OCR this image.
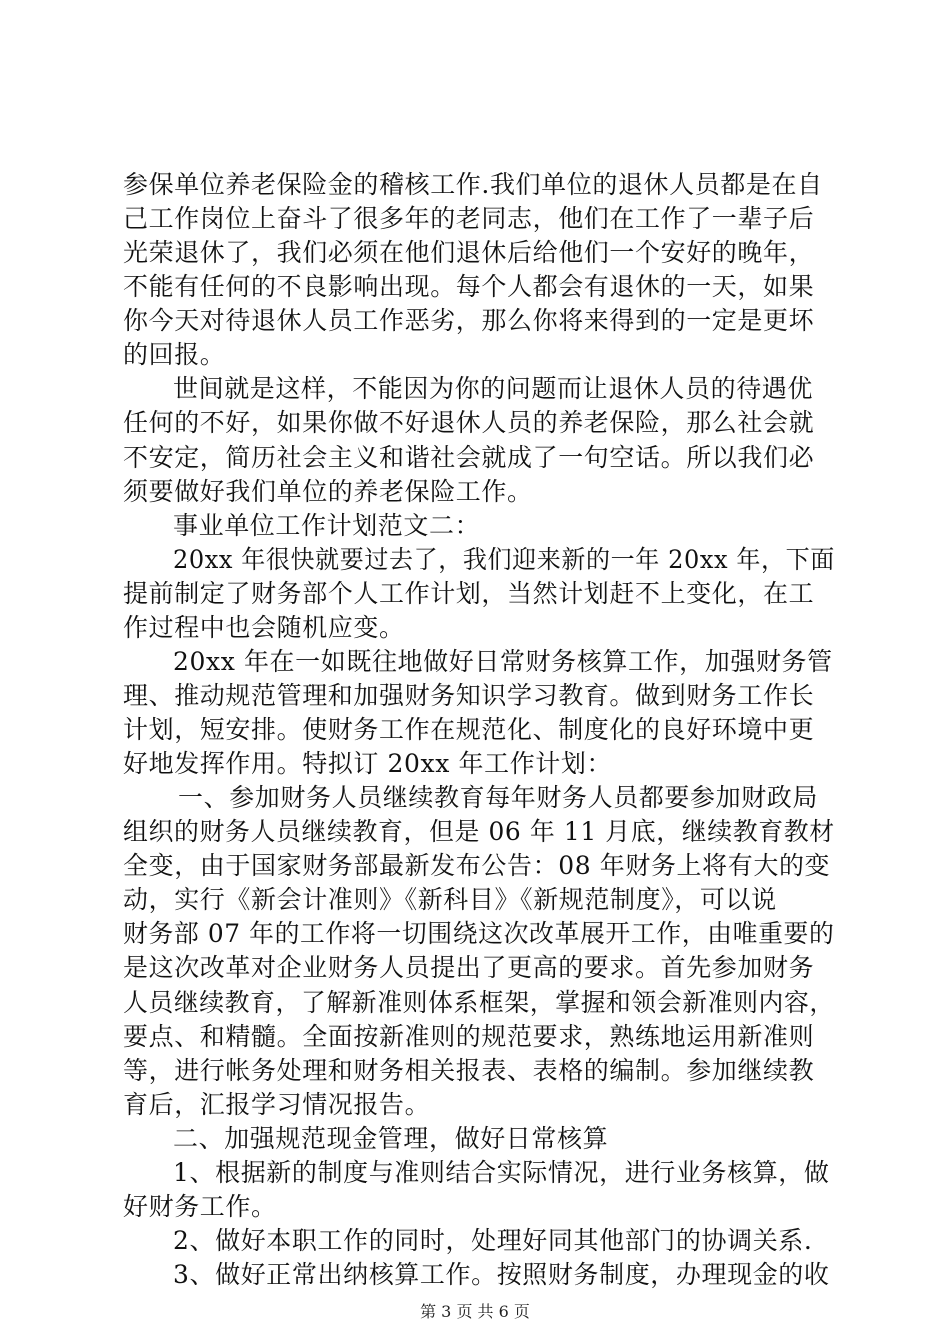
参保单位养老保险金的稽核工作.我们单位的退休人员都是在自
己工作岗位上奋斗了很多年的老同志，他们在工作了一辈子后
光荣退休了，我们必须在他们退休后给他们一个安好的晚年，
不能有任何的不良影响出现。每个人都会有退休的一天，如果
你今天对待退休人员工作恶劣，那么你将来得到的一定是更坏
的回报。
世间就是这样，不能因为你的问题而让退休人员的待遇优
任何的不好，如果你做不好退休人员的养老保险，那么社会就
不安定，简历社会主义和谐社会就成了一句空话。所以我们必
须要做好我们单位的养老保险工作。
事业单位工作计划范文二：
20xx 年很快就要过去了，我们迎来新的一年 20xx 年，下面
提前制定了财务部个人工作计划，当然计划赶不上变化，在工
作过程中也会随机应变。
20xx 年在一如既往地做好日常财务核算工作，加强财务管
理、推动规范管理和加强财务知识学习教育。做到财务工作长
计划，短安排。使财务工作在规范化、制度化的良好环境中更
好地发挥作用。特拟订 20xx 年工作计划：
一、参加财务人员继续教育每年财务人员都要参加财政局
组织的财务人员继续教育，但是 06 年 11 月底，继续教育教材
全变，由于国家财务部最新发布公告：08 年财务上将有大的变
动，实行《新会计准则》《新科目》《新规范制度》，可以说
财务部 07 年的工作将一切围绕这次改革展开工作，由唯重要的
是这次改革对企业财务人员提出了更高的要求。首先参加财务
人员继续教育，了解新准则体系框架，掌握和领会新准则内容，
要点、和精髓。全面按新准则的规范要求，熟练地运用新准则
等，进行帐务处理和财务相关报表、表格的编制。参加继续教
育后，汇报学习情况报告。
二、加强规范现金管理，做好日常核算
1、根据新的制度与准则结合实际情况，进行业务核算，做
好财务工作。
2、做好本职工作的同时，处理好同其他部门的协调关系.
3、做好正常出纳核算工作。按照财务制度，办理现金的收
第 3 页 共 6 页
